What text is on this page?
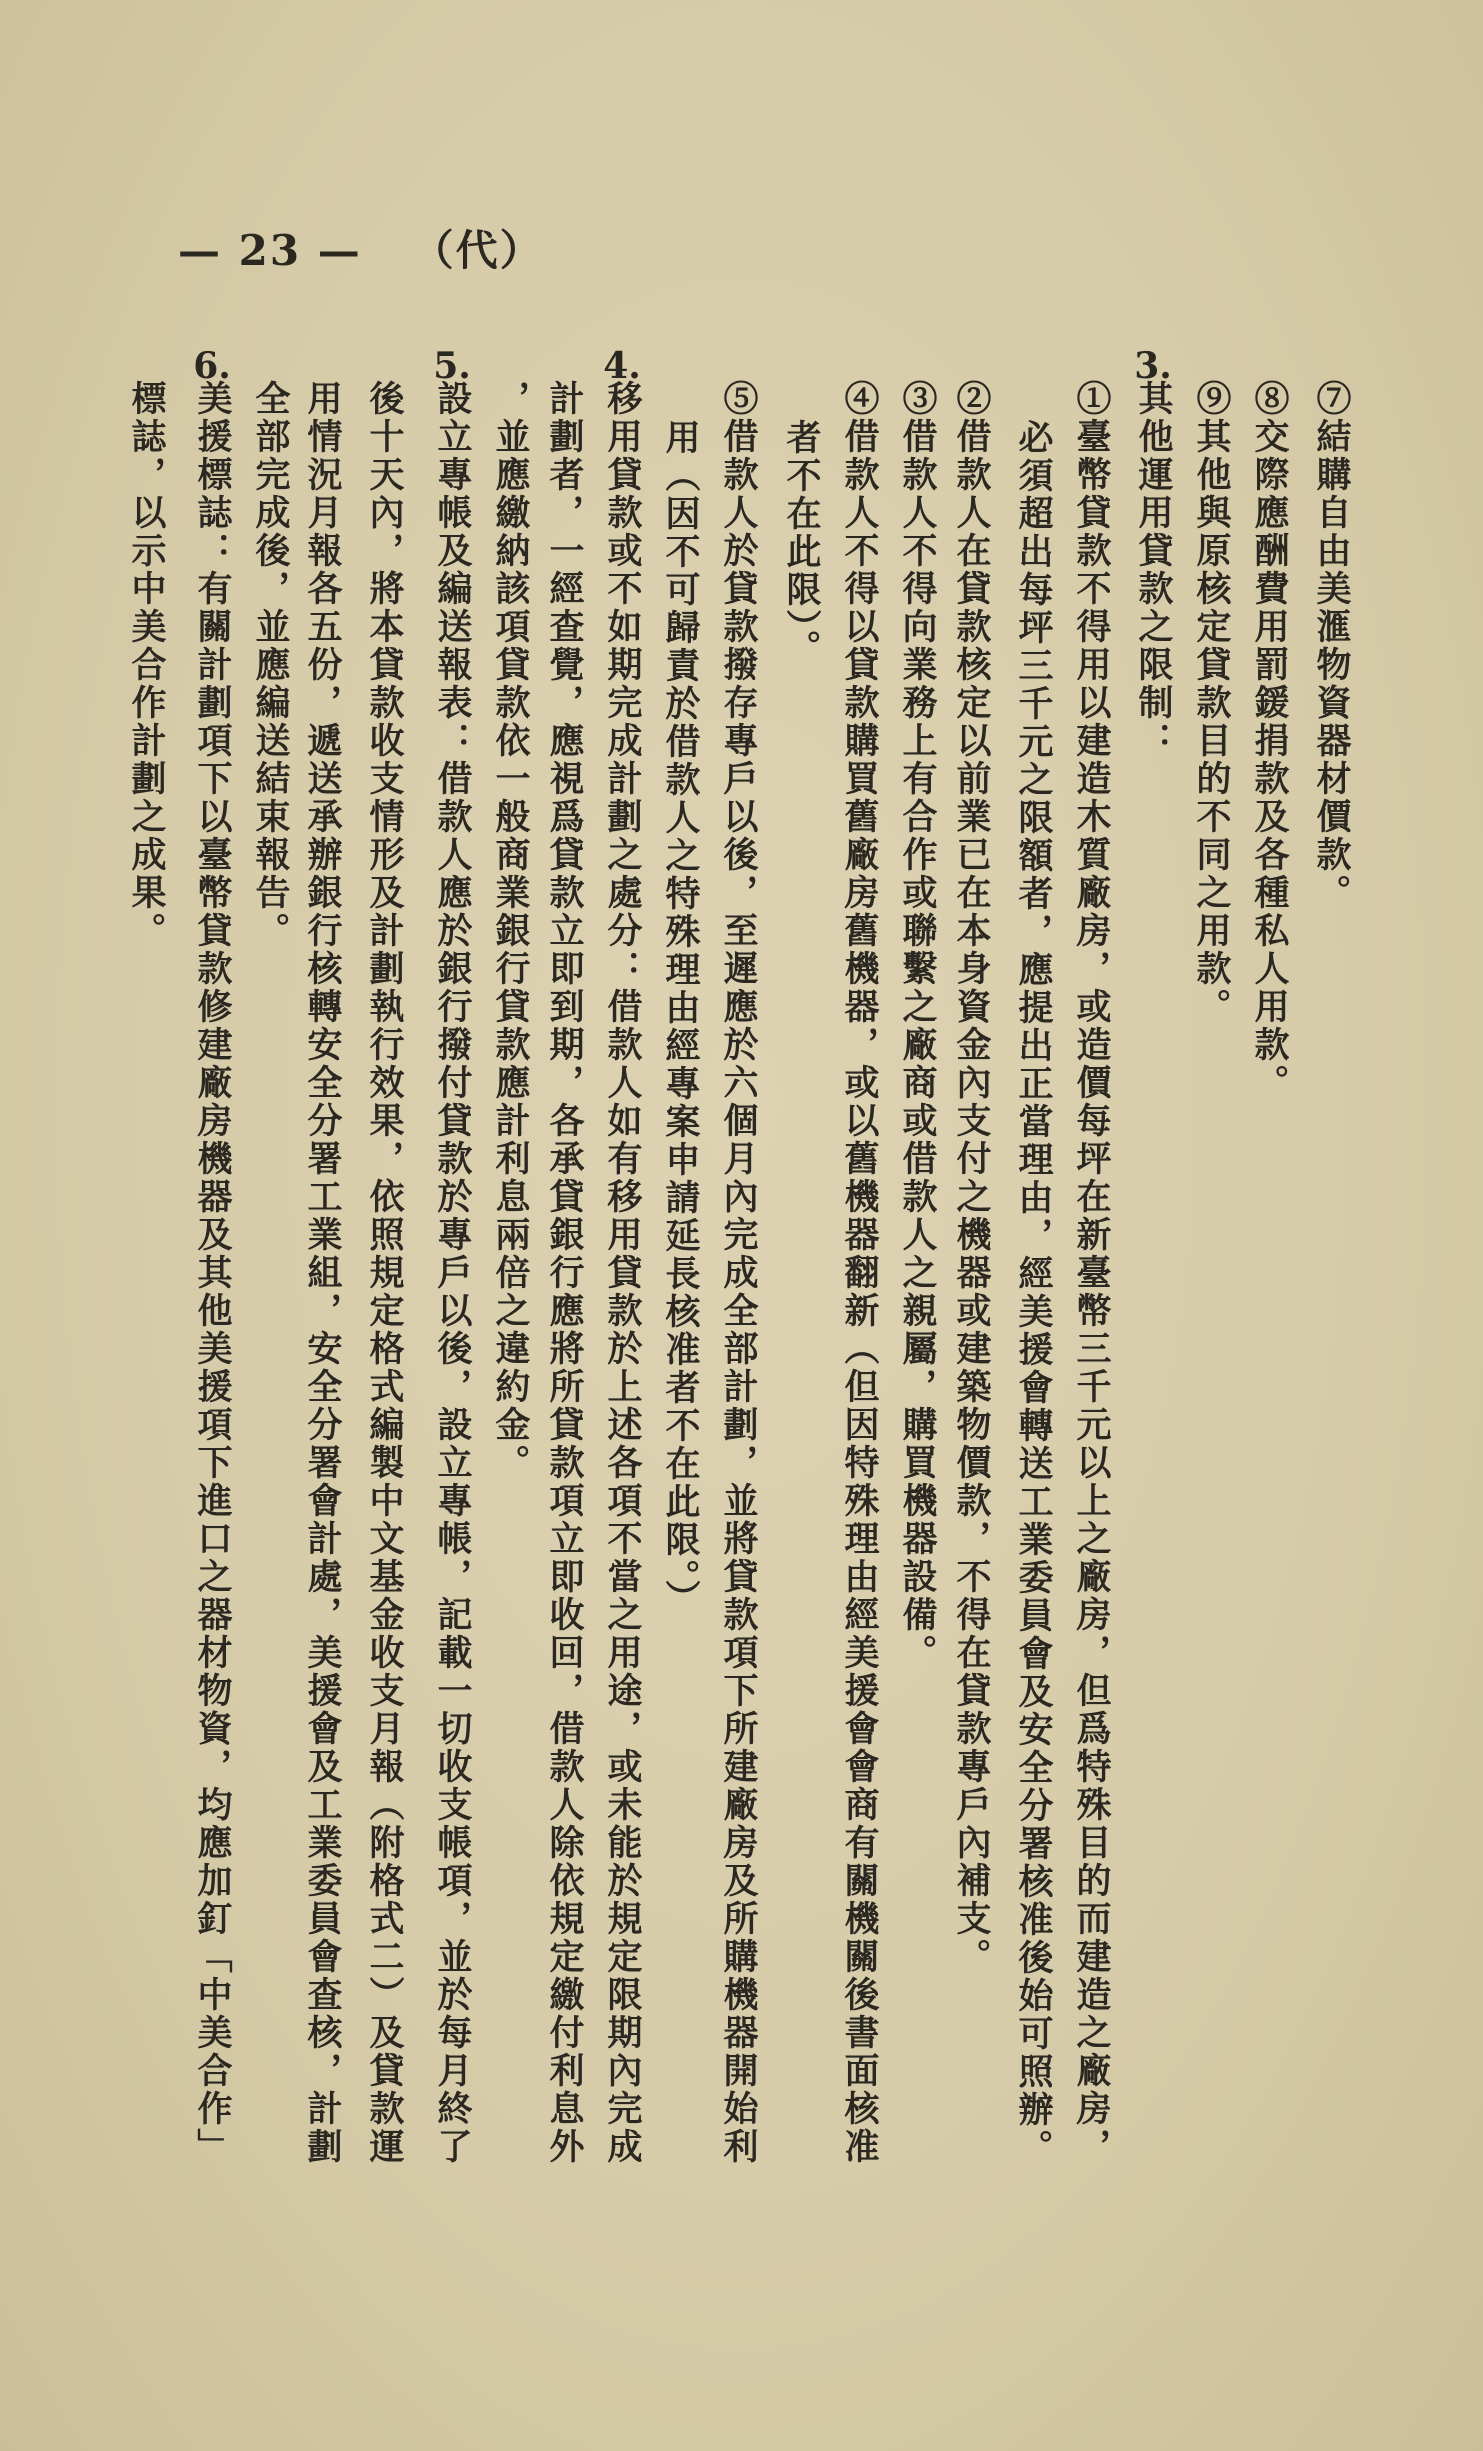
— 23 — （代）
3.
4.
5.
6.
⑦結購自由美滙物資器材價款。
⑧交際應酬費用罰鍰捐款及各種私人用款。
⑨其他與原核定貸款目的不同之用款。
其他運用貸款之限制：
①臺幣貸款不得用以建造木質廠房，或造價每坪在新臺幣三千元以上之廠房，但爲特殊目的而建造之廠房，
必須超出每坪三千元之限額者，應提出正當理由，經美援會轉送工業委員會及安全分署核准後始可照辦。
②借款人在貸款核定以前業已在本身資金內支付之機器或建築物價款，不得在貸款專戶內補支。
③借款人不得向業務上有合作或聯繫之廠商或借款人之親屬，購買機器設備。
④借款人不得以貸款購買舊廠房舊機器，或以舊機器翻新（但因特殊理由經美援會會商有關機關後書面核准
者不在此限）。
⑤借款人於貸款撥存專戶以後，至遲應於六個月內完成全部計劃，並將貸款項下所建廠房及所購機器開始利
用（因不可歸責於借款人之特殊理由經專案申請延長核准者不在此限。）
移用貸款或不如期完成計劃之處分：借款人如有移用貸款於上述各項不當之用途，或未能於規定限期內完成
計劃者，一經查覺，應視爲貸款立即到期，各承貸銀行應將所貸款項立即收回，借款人除依規定繳付利息外
，並應繳納該項貸款依一般商業銀行貸款應計利息兩倍之違約金。
設立專帳及編送報表：借款人應於銀行撥付貸款於專戶以後，設立專帳，記載一切收支帳項，並於每月終了
後十天內，將本貸款收支情形及計劃執行效果，依照規定格式編製中文基金收支月報（附格式二）及貸款運
用情況月報各五份，遞送承辦銀行核轉安全分署工業組，安全分署會計處，美援會及工業委員會查核，計劃
全部完成後，並應編送結束報告。
美援標誌：有關計劃項下以臺幣貸款修建廠房機器及其他美援項下進口之器材物資，均應加釘「中美合作」
標誌，以示中美合作計劃之成果。
